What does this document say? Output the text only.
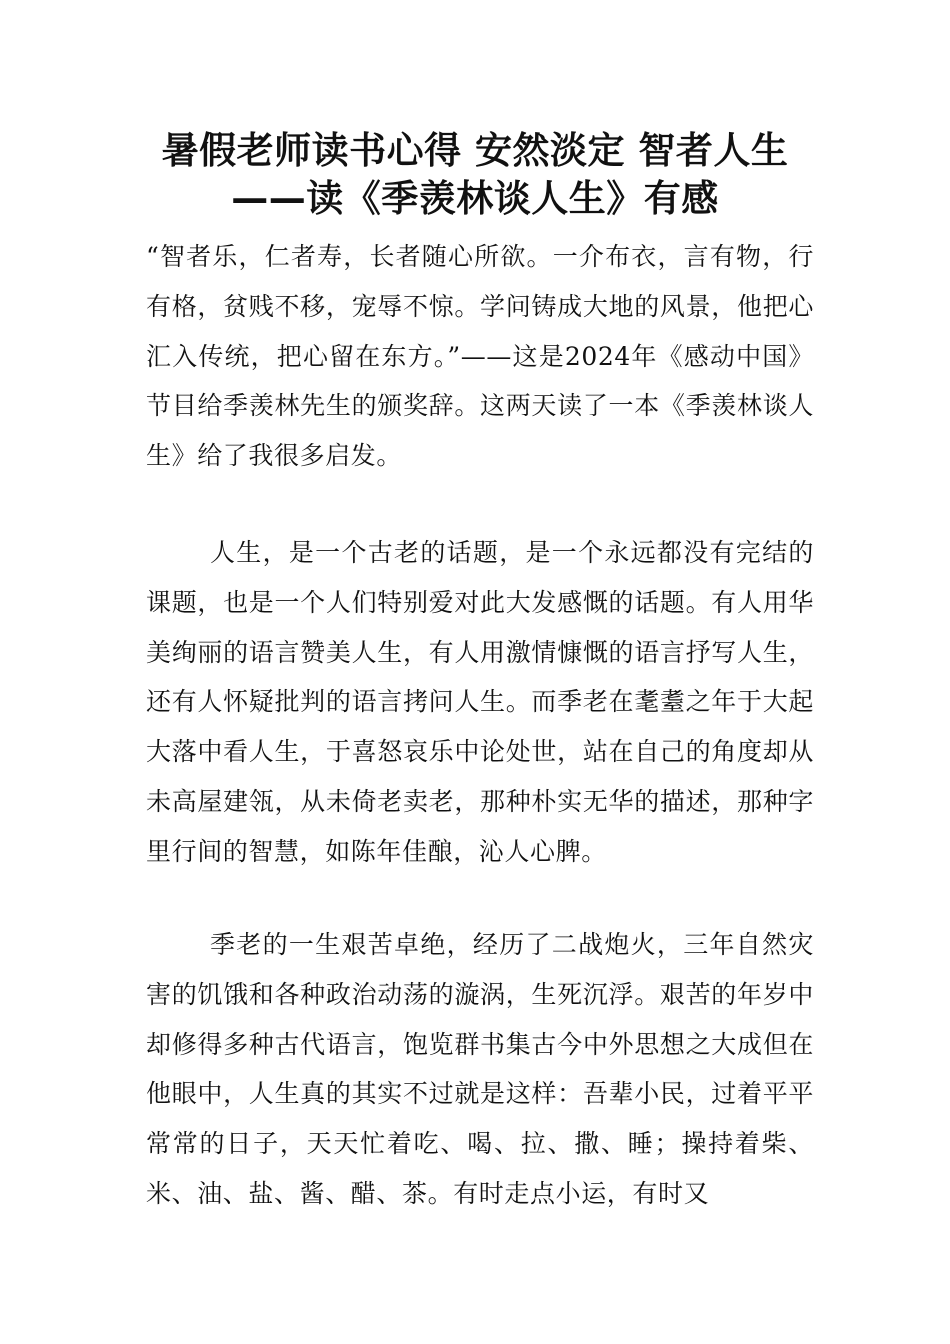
暑假老师读书心得 安然淡定 智者人生
——读《季羡林谈人生》有感

“智者乐，仁者寿，长者随心所欲。一介布衣，言有物，行有格，贫贱不移，宠辱不惊。学问铸成大地的风景，他把心汇入传统，把心留在东方。”——这是2024年《感动中国》节目给季羡林先生的颁奖辞。这两天读了一本《季羡林谈人生》给了我很多启发。

人生，是一个古老的话题，是一个永远都没有完结的课题，也是一个人们特别爱对此大发感慨的话题。有人用华美绚丽的语言赞美人生，有人用激情慷慨的语言抒写人生，还有人怀疑批判的语言拷问人生。而季老在耄耋之年于大起大落中看人生，于喜怒哀乐中论处世，站在自己的角度却从未高屋建瓴，从未倚老卖老，那种朴实无华的描述，那种字里行间的智慧，如陈年佳酿，沁人心脾。

季老的一生艰苦卓绝，经历了二战炮火，三年自然灾害的饥饿和各种政治动荡的漩涡，生死沉浮。艰苦的年岁中却修得多种古代语言，饱览群书集古今中外思想之大成但在他眼中，人生真的其实不过就是这样：吾辈小民，过着平平常常的日子，天天忙着吃、喝、拉、撒、睡；操持着柴、米、油、盐、酱、醋、茶。有时走点小运，有时又
